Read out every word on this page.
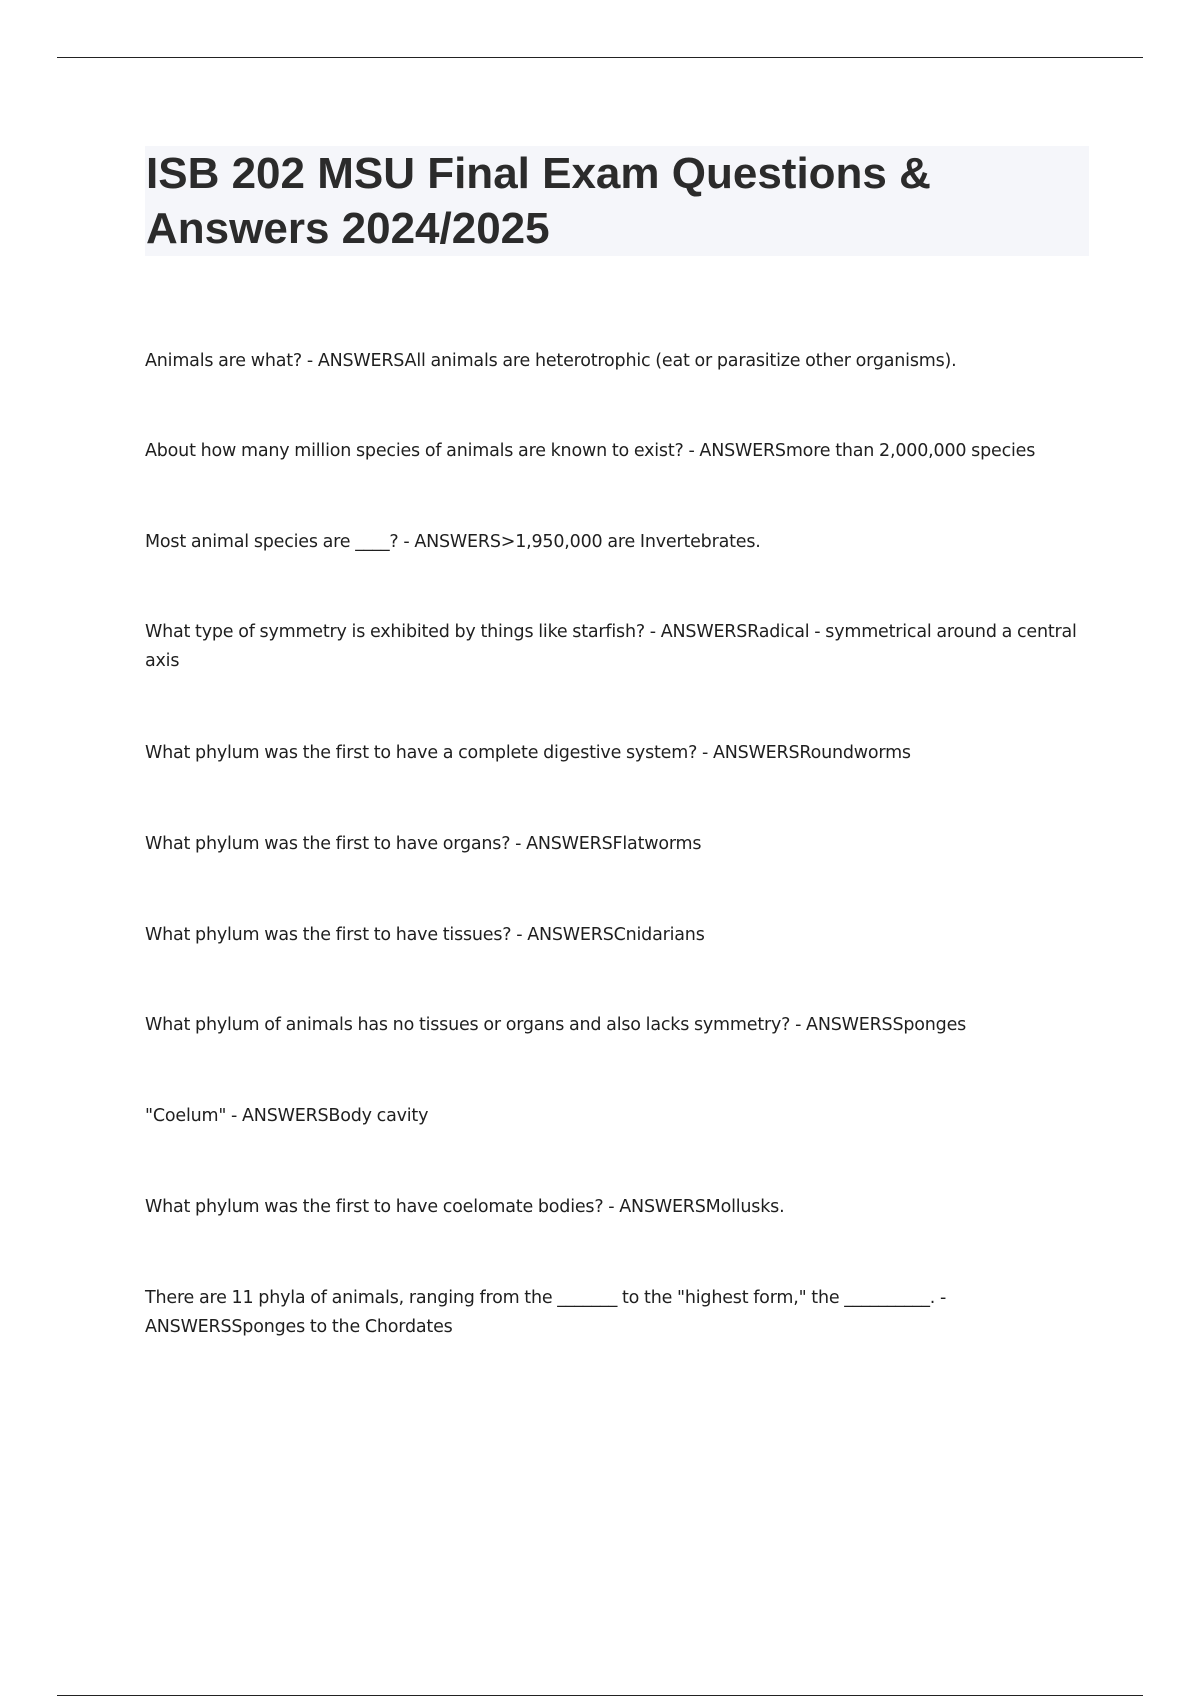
ISB 202 MSU Final Exam Questions & Answers 2024/2025
Animals are what? - ANSWERSAll animals are heterotrophic (eat or parasitize other organisms).
About how many million species of animals are known to exist? - ANSWERSmore than 2,000,000 species
Most animal species are ____? - ANSWERS>1,950,000 are Invertebrates.
What type of symmetry is exhibited by things like starfish? - ANSWERSRadical - symmetrical around a central axis
What phylum was the first to have a complete digestive system? - ANSWERSRoundworms
What phylum was the first to have organs? - ANSWERSFlatworms
What phylum was the first to have tissues? - ANSWERSCnidarians
What phylum of animals has no tissues or organs and also lacks symmetry? - ANSWERSSponges
"Coelum" - ANSWERSBody cavity
What phylum was the first to have coelomate bodies? - ANSWERSMollusks.
There are 11 phyla of animals, ranging from the _______ to the "highest form," the __________. - ANSWERSSponges to the Chordates
